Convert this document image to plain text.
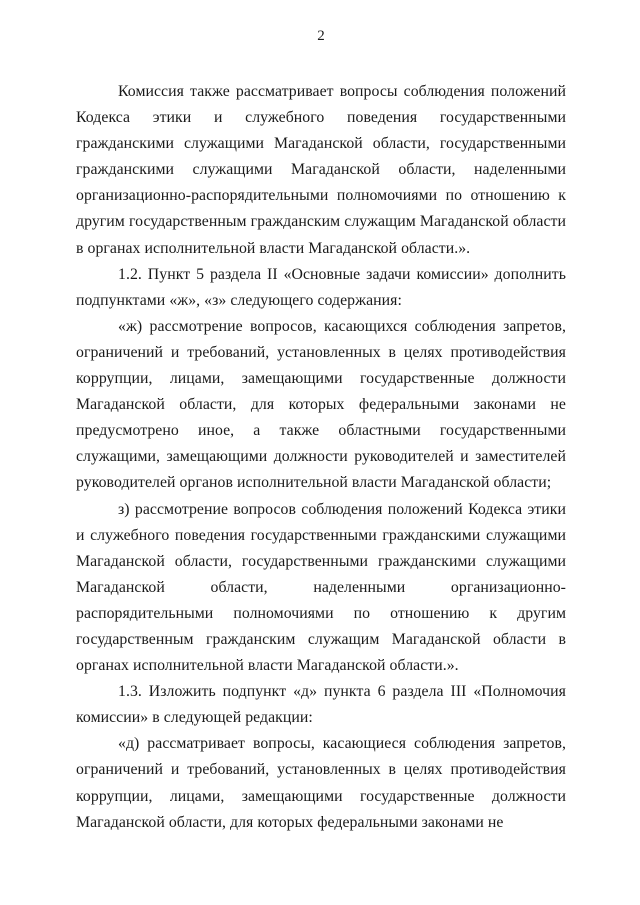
2

Комиссия также рассматривает вопросы соблюдения положений Кодекса этики и служебного поведения государственными гражданскими служащими Магаданской области, государственными гражданскими служащими Магаданской области, наделенными организационно-распорядительными полномочиями по отношению к другим государственным гражданским служащим Магаданской области в органах исполнительной власти Магаданской области.».

1.2. Пункт 5 раздела II «Основные задачи комиссии» дополнить подпунктами «ж», «з» следующего содержания:

«ж) рассмотрение вопросов, касающихся соблюдения запретов, ограничений и требований, установленных в целях противодействия коррупции, лицами, замещающими государственные должности Магаданской области, для которых федеральными законами не предусмотрено иное, а также областными государственными служащими, замещающими должности руководителей и заместителей руководителей органов исполнительной власти Магаданской области;

з) рассмотрение вопросов соблюдения положений Кодекса этики и служебного поведения государственными гражданскими служащими Магаданской области, государственными гражданскими служащими Магаданской области, наделенными организационно-распорядительными полномочиями по отношению к другим государственным гражданским служащим Магаданской области в органах исполнительной власти Магаданской области.».

1.3. Изложить подпункт «д» пункта 6 раздела III «Полномочия комиссии» в следующей редакции:

«д) рассматривает вопросы, касающиеся соблюдения запретов, ограничений и требований, установленных в целях противодействия коррупции, лицами, замещающими государственные должности Магаданской области, для которых федеральными законами не
